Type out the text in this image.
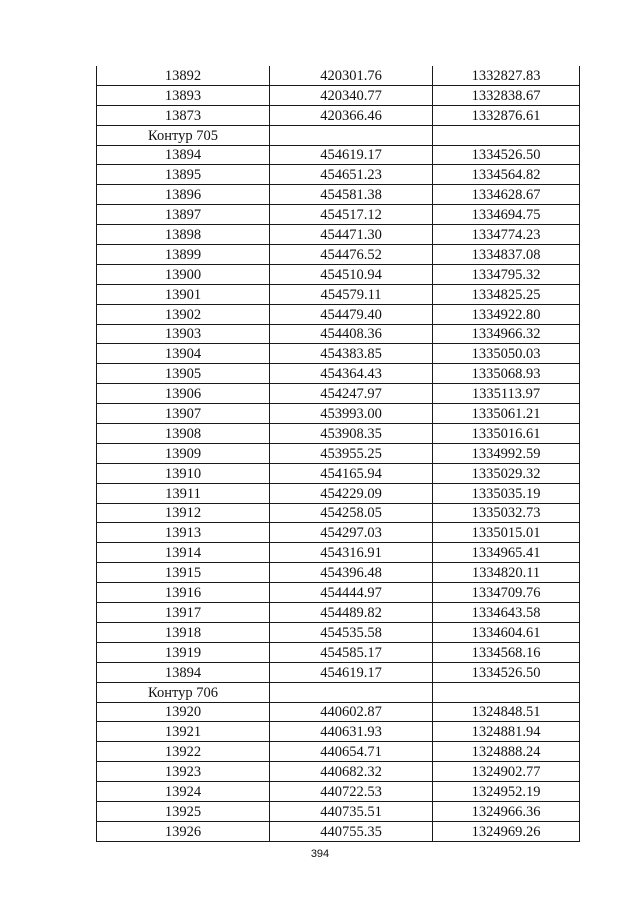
13892	420301.76	1332827.83
13893	420340.77	1332838.67
13873	420366.46	1332876.61
Контур 705		
13894	454619.17	1334526.50
13895	454651.23	1334564.82
13896	454581.38	1334628.67
13897	454517.12	1334694.75
13898	454471.30	1334774.23
13899	454476.52	1334837.08
13900	454510.94	1334795.32
13901	454579.11	1334825.25
13902	454479.40	1334922.80
13903	454408.36	1334966.32
13904	454383.85	1335050.03
13905	454364.43	1335068.93
13906	454247.97	1335113.97
13907	453993.00	1335061.21
13908	453908.35	1335016.61
13909	453955.25	1334992.59
13910	454165.94	1335029.32
13911	454229.09	1335035.19
13912	454258.05	1335032.73
13913	454297.03	1335015.01
13914	454316.91	1334965.41
13915	454396.48	1334820.11
13916	454444.97	1334709.76
13917	454489.82	1334643.58
13918	454535.58	1334604.61
13919	454585.17	1334568.16
13894	454619.17	1334526.50
Контур 706		
13920	440602.87	1324848.51
13921	440631.93	1324881.94
13922	440654.71	1324888.24
13923	440682.32	1324902.77
13924	440722.53	1324952.19
13925	440735.51	1324966.36
13926	440755.35	1324969.26
394
